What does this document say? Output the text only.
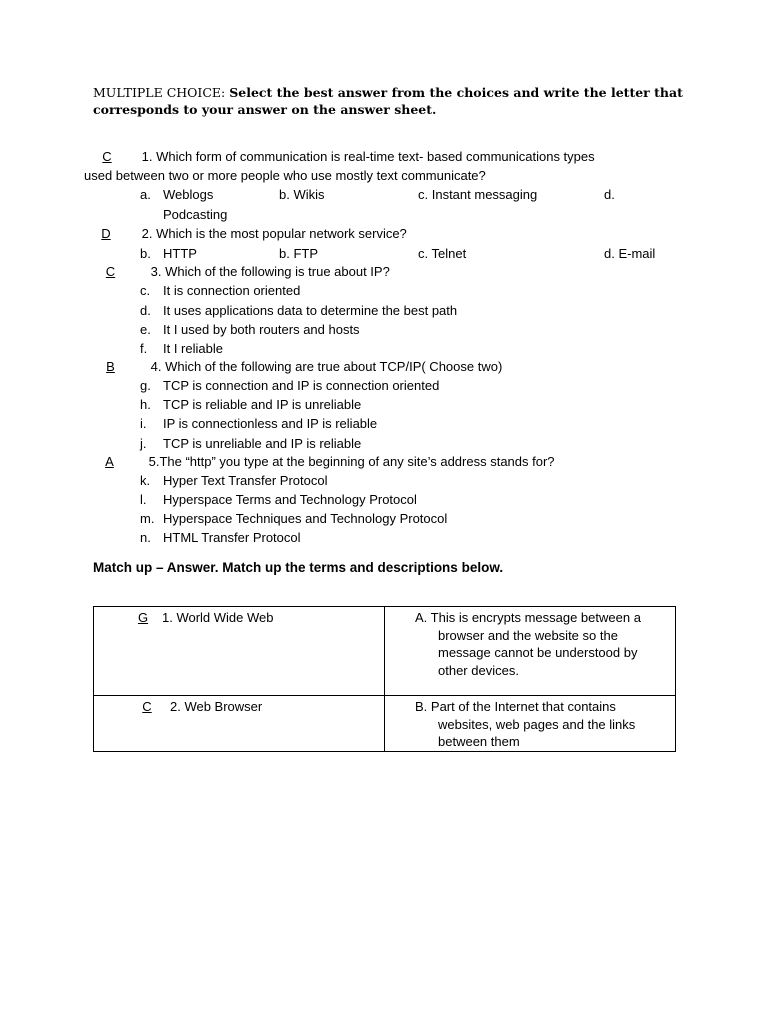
MULTIPLE CHOICE: Select the best answer from the choices and write the letter that corresponds to your answer on the answer sheet.
C 1. Which form of communication is real-time text- based communications types
used between two or more people who use mostly text communicate?
a. Weblogs	b. Wikis	c. Instant messaging	d.
Podcasting
D 2. Which is the most popular network service?
b. HTTP	b. FTP	c. Telnet	d. E-mail
C	3. Which of the following is true about IP?
c. It is connection oriented
d. It uses applications data to determine the best path
e. It I used by both routers and hosts
f. It I reliable
B	4. Which of the following are true about TCP/IP( Choose two)
g. TCP is connection and IP is connection oriented
h. TCP is reliable and IP is unreliable
i. IP is connectionless and IP is reliable
j. TCP is unreliable and IP is reliable
A	5.The “http” you type at the beginning of any site’s address stands for?
k. Hyper Text Transfer Protocol
l. Hyperspace Terms and Technology Protocol
m. Hyperspace Techniques and Technology Protocol
n. HTML Transfer Protocol
Match up – Answer. Match up the terms and descriptions below.
G 1. World Wide Web	A. This is encrypts message between a browser and the website so the message cannot be understood by other devices.

C 2. Web Browser	B. Part of the Internet that contains websites, web pages and the links between them
